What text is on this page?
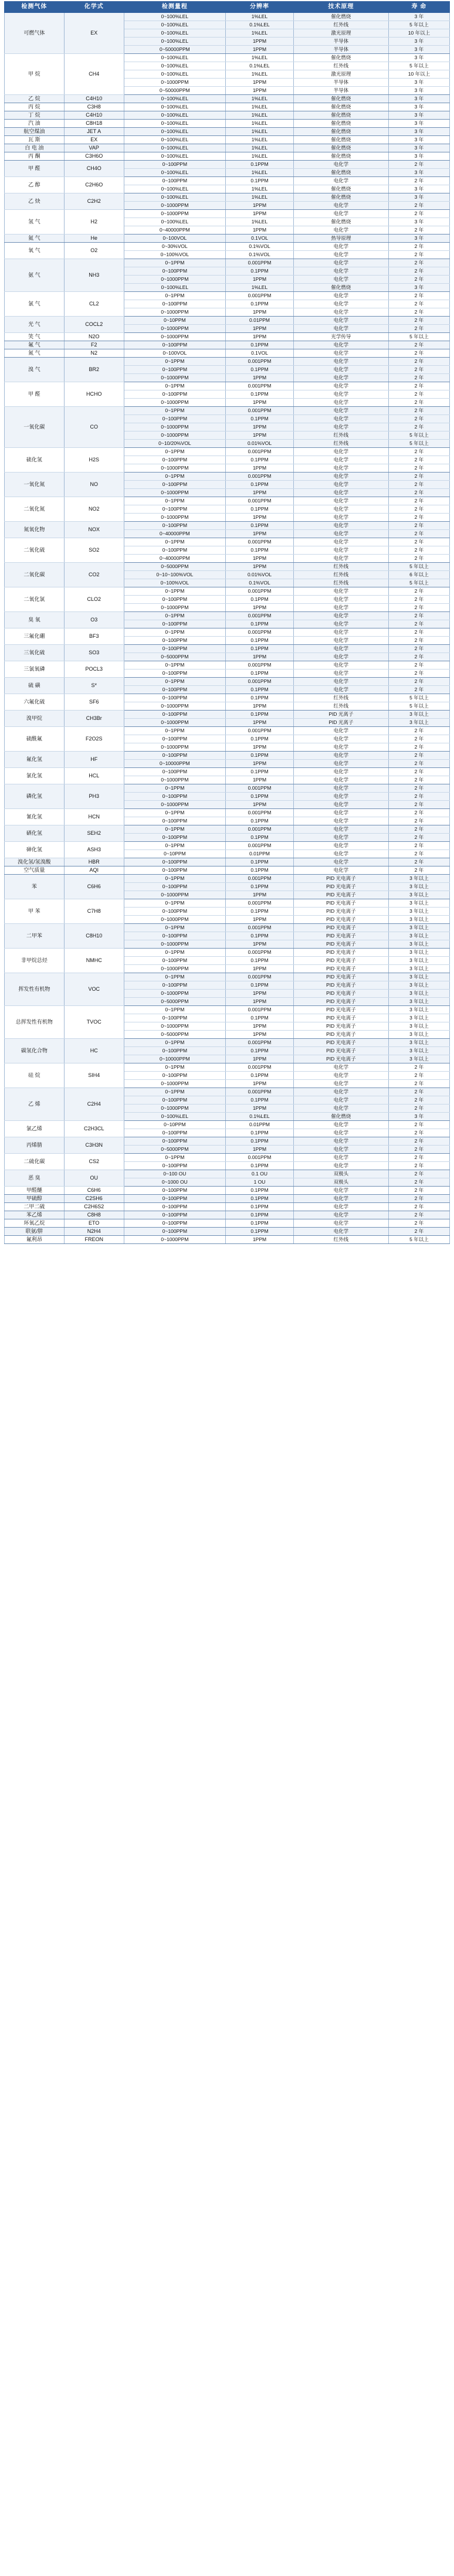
检测气体	化学式	检测量程	分辨率	技术原理	寿 命
可燃气体	EX	0~100%LEL	1%LEL	催化燃烧	3 年
		0~100%LEL	0.1%LEL	红外线	5 年以上
		0~100%LEL	1%LEL	激光原理	10 年以上
		0~100%LEL	1PPM	半导体	3 年
		0~50000PPM	1PPM	半导体	3 年
甲 烷	CH4	0~100%LEL	1%LEL	催化燃烧	3 年
		0~100%LEL	0.1%LEL	红外线	5 年以上
		0~100%LEL	1%LEL	激光原理	10 年以上
		0~1000PPM	1PPM	半导体	3 年
		0~50000PPM	1PPM	半导体	3 年
乙 烷	C4H10	0~100%LEL	1%LEL	催化燃烧	3 年
丙 烷	C3H8	0~100%LEL	1%LEL	催化燃烧	3 年
丁 烷	C4H10	0~100%LEL	1%LEL	催化燃烧	3 年
汽 油	C8H18	0~100%LEL	1%LEL	催化燃烧	3 年
航空煤油	JET A	0~100%LEL	1%LEL	催化燃烧	3 年
瓦 斯	EX	0~100%LEL	1%LEL	催化燃烧	3 年
白 电 油	VAP	0~100%LEL	1%LEL	催化燃烧	3 年
丙 酮	C3H6O	0~100%LEL	1%LEL	催化燃烧	3 年
甲 醛	CH4O	0~100PPM	0.1PPM	电化学	2 年
		0~100%LEL	1%LEL	催化燃烧	3 年
乙 醇	C2H6O	0~100PPM	0.1PPM	电化学	2 年
		0~100%LEL	1%LEL	催化燃烧	3 年
乙 炔	C2H2	0~100%LEL	1%LEL	催化燃烧	3 年
		0~1000PPM	1PPM	电化学	2 年
氢 气	H2	0~1000PPM	1PPM	电化学	2 年
		0~100%LEL	1%LEL	催化燃烧	3 年
		0~40000PPM	1PPM	电化学	2 年
氦 气	He	0~100VOL	0.1VOL	热导原理	3 年
氧 气	O2	0~30%VOL	0.1%VOL	电化学	2 年
		0~100%VOL	0.1%VOL	电化学	2 年
氨 气	NH3	0~1PPM	0.001PPM	电化学	2 年
		0~100PPM	0.1PPM	电化学	2 年
		0~1000PPM	1PPM	电化学	2 年
		0~100%LEL	1%LEL	催化燃烧	3 年
氯 气	CL2	0~1PPM	0.001PPM	电化学	2 年
		0~100PPM	0.1PPM	电化学	2 年
		0~1000PPM	1PPM	电化学	2 年
光 气	COCL2	0~10PPM	0.01PPM	电化学	2 年
		0~1000PPM	1PPM	电化学	2 年
笑 气	N2O	0~1000PPM	1PPM	光学传导	5 年以上
氟 气	F2	0~100PPM	0.1PPM	电化学	2 年
氮 气	N2	0~100VOL	0.1VOL	电化学	2 年
溴 气	BR2	0~1PPM	0.001PPM	电化学	2 年
		0~100PPM	0.1PPM	电化学	2 年
		0~1000PPM	1PPM	电化学	2 年
甲 醛	HCHO	0~1PPM	0.001PPM	电化学	2 年
		0~100PPM	0.1PPM	电化学	2 年
		0~1000PPM	1PPM	电化学	2 年
一氧化碳	CO	0~1PPM	0.001PPM	电化学	2 年
		0~100PPM	0.1PPM	电化学	2 年
		0~1000PPM	1PPM	电化学	2 年
		0~1000PPM	1PPM	红外线	5 年以上
		0~10/20%VOL	0.01%VOL	红外线	5 年以上
硫化氢	H2S	0~1PPM	0.001PPM	电化学	2 年
		0~100PPM	0.1PPM	电化学	2 年
		0~1000PPM	1PPM	电化学	2 年
一氧化氮	NO	0~1PPM	0.001PPM	电化学	2 年
		0~100PPM	0.1PPM	电化学	2 年
		0~1000PPM	1PPM	电化学	2 年
二氧化氮	NO2	0~1PPM	0.001PPM	电化学	2 年
		0~100PPM	0.1PPM	电化学	2 年
		0~1000PPM	1PPM	电化学	2 年
氮氧化物	NOX	0~100PPM	0.1PPM	电化学	2 年
		0~40000PPM	1PPM	电化学	2 年
二氧化硫	SO2	0~1PPM	0.001PPM	电化学	2 年
		0~100PPM	0.1PPM	电化学	2 年
		0~40000PPM	1PPM	电化学	2 年
二氧化碳	CO2	0~5000PPM	1PPM	红外线	5 年以上
		0~10~100%VOL	0.01%VOL	红外线	6 年以上
		0~100%VOL	0.1%VOL	红外线	5 年以上
二氧化氯	CLO2	0~1PPM	0.001PPM	电化学	2 年
		0~100PPM	0.1PPM	电化学	2 年
		0~1000PPM	1PPM	电化学	2 年
臭 氧	O3	0~1PPM	0.001PPM	电化学	2 年
		0~100PPM	0.1PPM	电化学	2 年
三氟化硼	BF3	0~1PPM	0.001PPM	电化学	2 年
		0~100PPM	0.1PPM	电化学	2 年
三氧化硫	SO3	0~100PPM	0.1PPM	电化学	2 年
		0~5000PPM	1PPM	电化学	2 年
三氯氧磷	POCL3	0~1PPM	0.001PPM	电化学	2 年
		0~100PPM	0.1PPM	电化学	2 年
硫 磺	S*	0~1PPM	0.001PPM	电化学	2 年
		0~100PPM	0.1PPM	电化学	2 年
六氟化硫	SF6	0~100PPM	0.1PPM	红外线	5 年以上
		0~1000PPM	1PPM	红外线	5 年以上
溴甲烷	CH3Br	0~100PPM	0.1PPM	PID 光离子	3 年以上
		0~1000PPM	1PPM	PID 光离子	3 年以上
硫酰氟	F2O2S	0~1PPM	0.001PPM	电化学	2 年
		0~100PPM	0.1PPM	电化学	2 年
		0~1000PPM	1PPM	电化学	2 年
氟化氢	HF	0~100PPM	0.1PPM	电化学	2 年
		0~10000PPM	1PPM	电化学	2 年
氯化氢	HCL	0~100PPM	0.1PPM	电化学	2 年
		0~1000PPM	1PPM	电化学	2 年
磷化氢	PH3	0~1PPM	0.001PPM	电化学	2 年
		0~100PPM	0.1PPM	电化学	2 年
		0~1000PPM	1PPM	电化学	2 年
氰化氢	HCN	0~1PPM	0.001PPM	电化学	2 年
		0~100PPM	0.1PPM	电化学	2 年
硒化氢	SEH2	0~1PPM	0.001PPM	电化学	2 年
		0~100PPM	0.1PPM	电化学	2 年
砷化氢	ASH3	0~1PPM	0.001PPM	电化学	2 年
		0~10PPM	0.01PPM	电化学	2 年
溴化氢/氢溴酸	HBR	0~100PPM	0.1PPM	电化学	2 年
空气质量	AQI	0~100PPM	0.1PPM	电化学	2 年
苯	C6H6	0~1PPM	0.001PPM	PID 光电离子	3 年以上
		0~100PPM	0.1PPM	PID 光电离子	3 年以上
		0~1000PPM	1PPM	PID 光电离子	3 年以上
甲 苯	C7H8	0~1PPM	0.001PPM	PID 光电离子	3 年以上
		0~100PPM	0.1PPM	PID 光电离子	3 年以上
		0~1000PPM	1PPM	PID 光电离子	3 年以上
二甲苯	C8H10	0~1PPM	0.001PPM	PID 光电离子	3 年以上
		0~100PPM	0.1PPM	PID 光电离子	3 年以上
		0~1000PPM	1PPM	PID 光电离子	3 年以上
非甲烷总烃	NMHC	0~1PPM	0.001PPM	PID 光电离子	3 年以上
		0~100PPM	0.1PPM	PID 光电离子	3 年以上
		0~1000PPM	1PPM	PID 光电离子	3 年以上
挥发性有机物	VOC	0~1PPM	0.001PPM	PID 光电离子	3 年以上
		0~100PPM	0.1PPM	PID 光电离子	3 年以上
		0~1000PPM	1PPM	PID 光电离子	3 年以上
		0~5000PPM	1PPM	PID 光电离子	3 年以上
总挥发性有机物	TVOC	0~1PPM	0.001PPM	PID 光电离子	3 年以上
		0~100PPM	0.1PPM	PID 光电离子	3 年以上
		0~1000PPM	1PPM	PID 光电离子	3 年以上
		0~5000PPM	1PPM	PID 光电离子	3 年以上
碳氢化合物	HC	0~1PPM	0.001PPM	PID 光电离子	3 年以上
		0~100PPM	0.1PPM	PID 光电离子	3 年以上
		0~10000PPM	1PPM	PID 光电离子	3 年以上
硅 烷	SIH4	0~1PPM	0.001PPM	电化学	2 年
		0~100PPM	0.1PPM	电化学	2 年
		0~1000PPM	1PPM	电化学	2 年
乙 烯	C2H4	0~1PPM	0.001PPM	电化学	2 年
		0~100PPM	0.1PPM	电化学	2 年
		0~1000PPM	1PPM	电化学	2 年
		0~100%LEL	0.1%LEL	催化燃烧	3 年
氯乙烯	C2H3CL	0~10PPM	0.01PPM	电化学	2 年
		0~100PPM	0.1PPM	电化学	2 年
丙烯腈	C3H3N	0~100PPM	0.1PPM	电化学	2 年
		0~5000PPM	1PPM	电化学	2 年
二硫化碳	CS2	0~1PPM	0.001PPM	电化学	2 年
		0~100PPM	0.1PPM	电化学	2 年
恶 臭	OU	0~100 OU	0.1 OU	双极头	2 年
		0~1000 OU	1 OU	双极头	2 年
甲醛醚	C6H6	0~100PPM	0.1PPM	电化学	2 年
甲硫醇	C2SH6	0~100PPM	0.1PPM	电化学	2 年
二甲二硫	C2H6S2	0~100PPM	0.1PPM	电化学	2 年
苯乙烯	C8H8	0~100PPM	0.1PPM	电化学	2 年
环氧乙烷	ETO	0~100PPM	0.1PPM	电化学	2 年
联氨/肼	N2H4	0~100PPM	0.1PPM	电化学	2 年
氟利昂	FREON	0~1000PPM	1PPM	红外线	5 年以上
